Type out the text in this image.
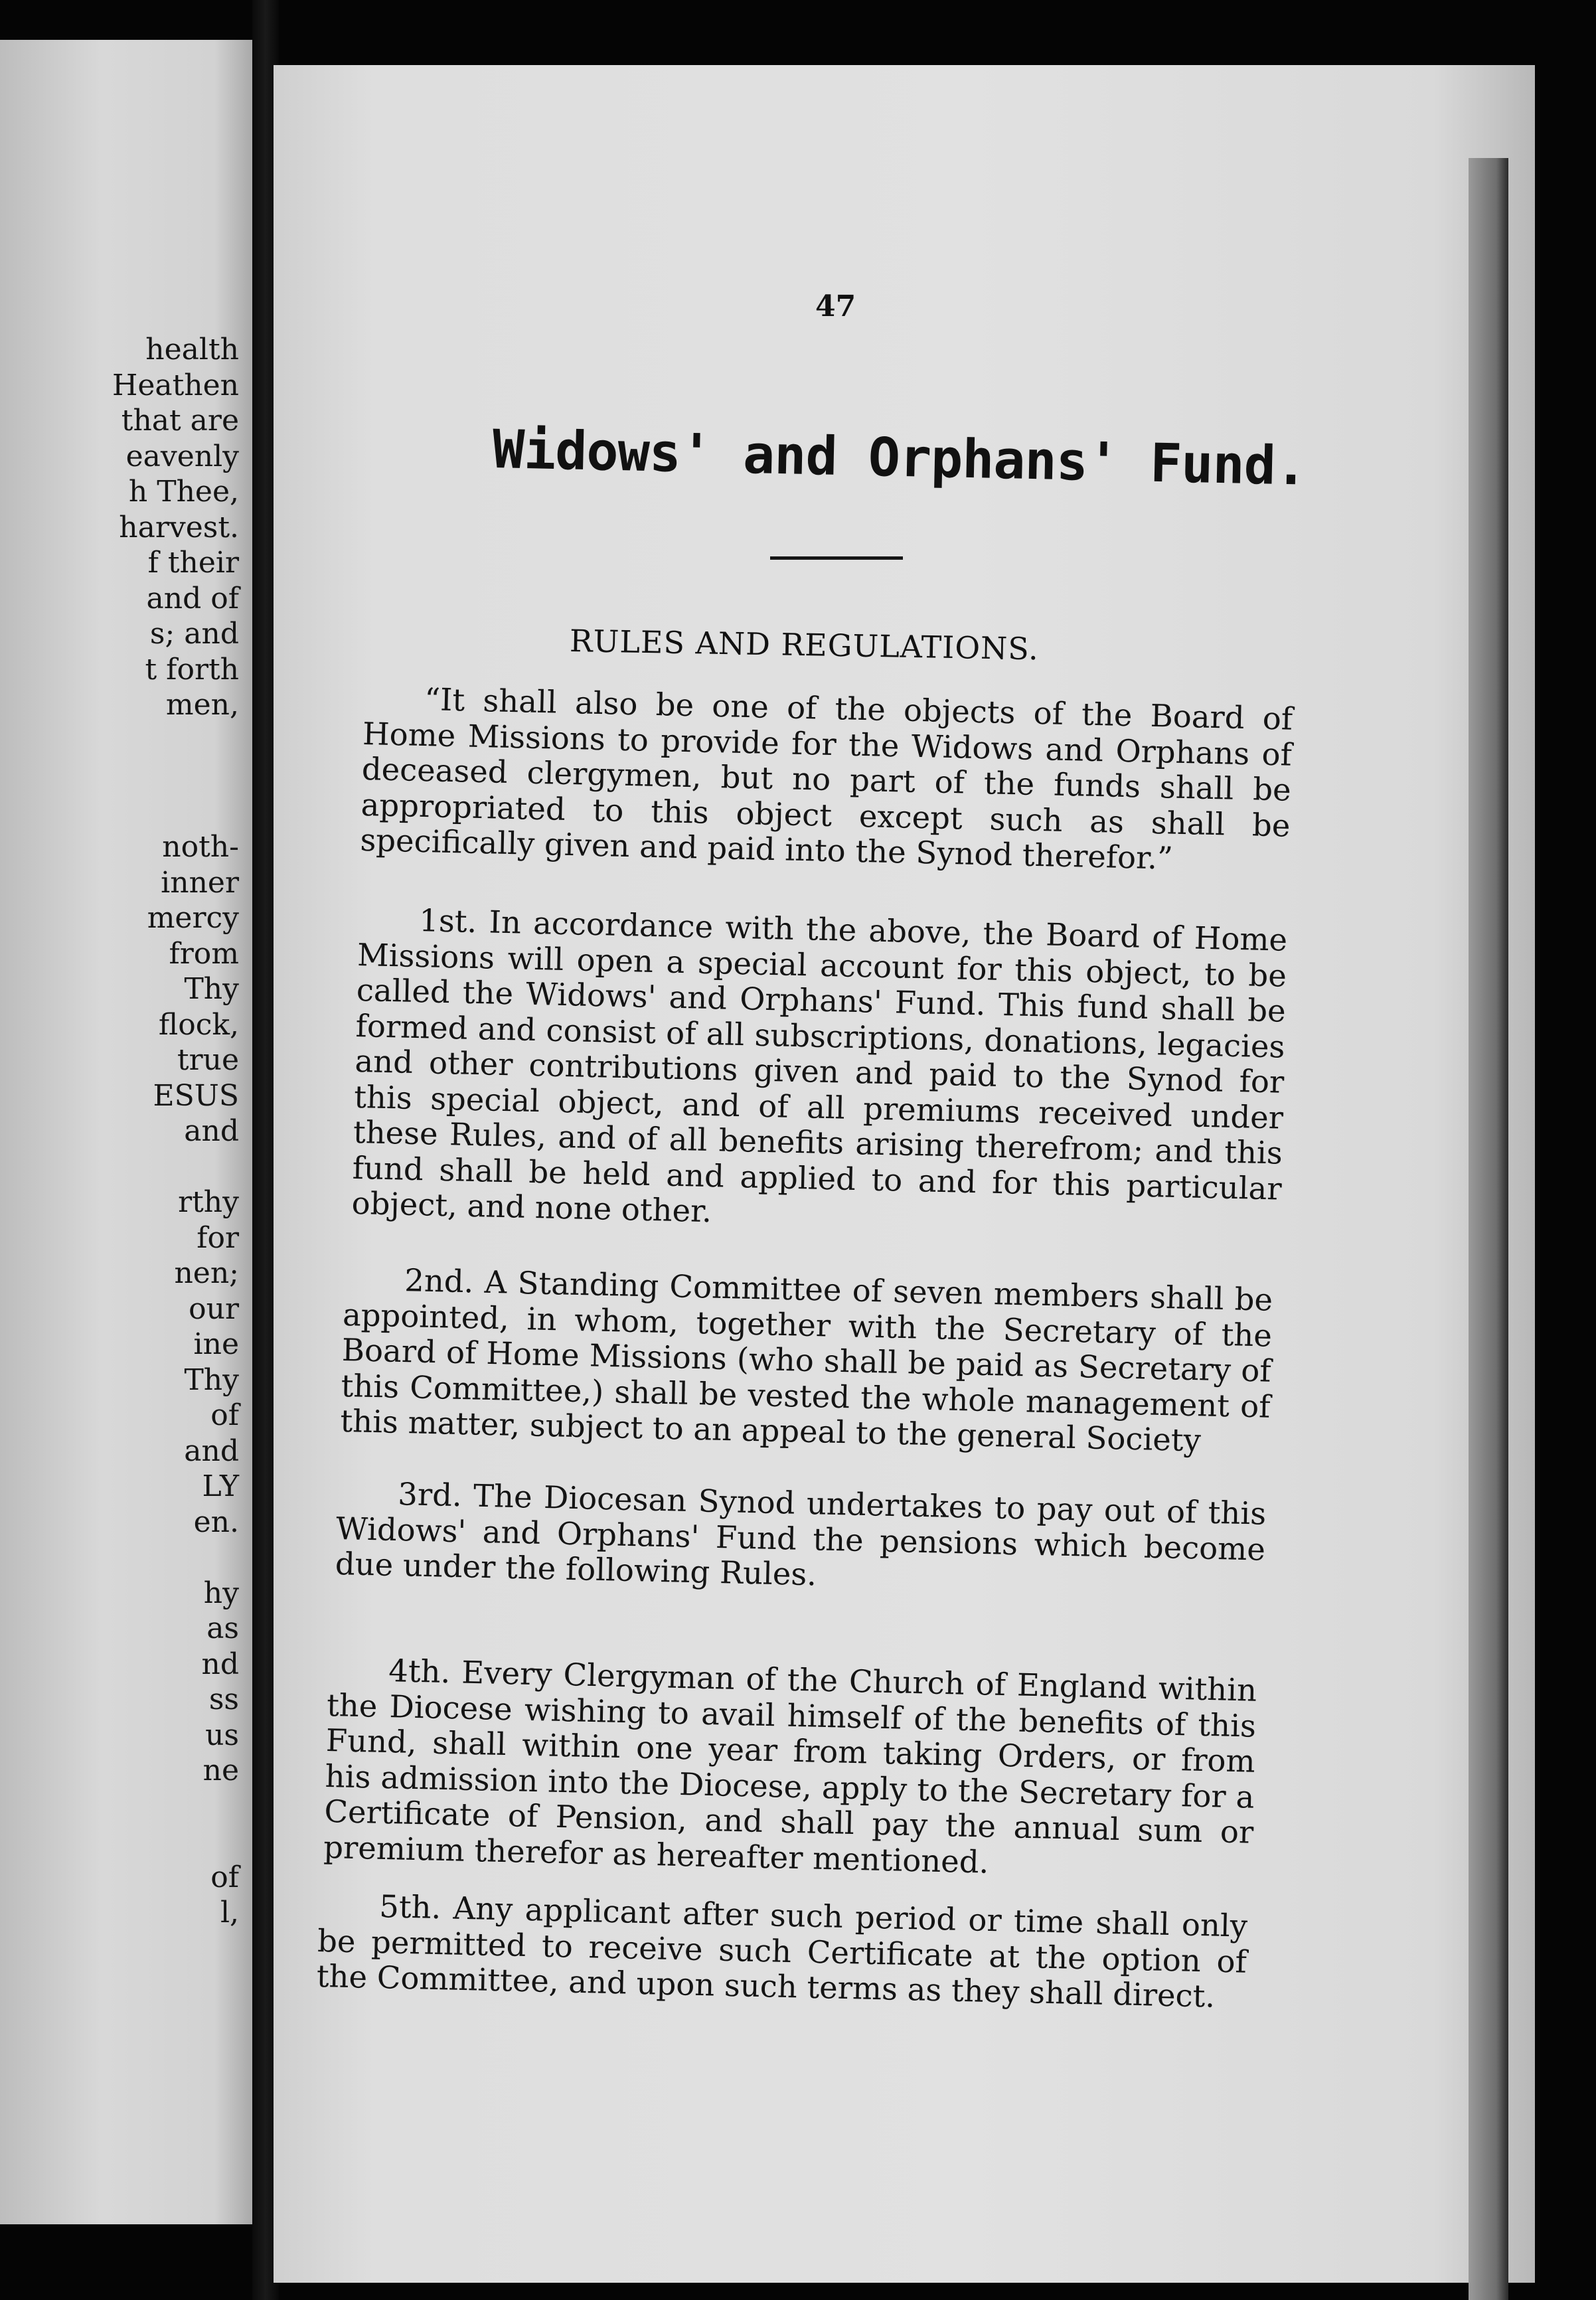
health
Heathen
that are
eavenly
h Thee,
harvest.
f their
and of
s; and
t forth
men,
noth-
inner
mercy
from
Thy
flock,
true
ESUS
and
rthy
for
nen;
our
ine
Thy
of
and
LY
en.
hy
as
nd
ss
us
ne
of
l,
47
Widows' and Orphans' Fund.
RULES AND REGULATIONS.

“It shall also be one of the objects of the Board of Home Missions to provide for the Widows and Orphans of deceased clergymen, but no part of the funds shall be appropriated to this object except such as shall be specifically given and paid into the Synod therefor.”

1st. In accordance with the above, the Board of Home Missions will open a special account for this object, to be called the Widows' and Orphans' Fund. This fund shall be formed and consist of all subscriptions, donations, legacies and other contributions given and paid to the Synod for this special object, and of all premiums received under these Rules, and of all benefits arising therefrom; and this fund shall be held and applied to and for this particular object, and none other.

2nd. A Standing Committee of seven members shall be appointed, in whom, together with the Secretary of the Board of Home Missions (who shall be paid as Secretary of this Committee,) shall be vested the whole management of this matter, subject to an appeal to the general Society

3rd. The Diocesan Synod undertakes to pay out of this Widows' and Orphans' Fund the pensions which become due under the following Rules.

4th. Every Clergyman of the Church of England within the Diocese wishing to avail himself of the benefits of this Fund, shall within one year from taking Orders, or from his admission into the Diocese, apply to the Secretary for a Certificate of Pension, and shall pay the annual sum or premium therefor as hereafter mentioned.

5th. Any applicant after such period or time shall only be permitted to receive such Certificate at the option of the Committee, and upon such terms as they shall direct.
